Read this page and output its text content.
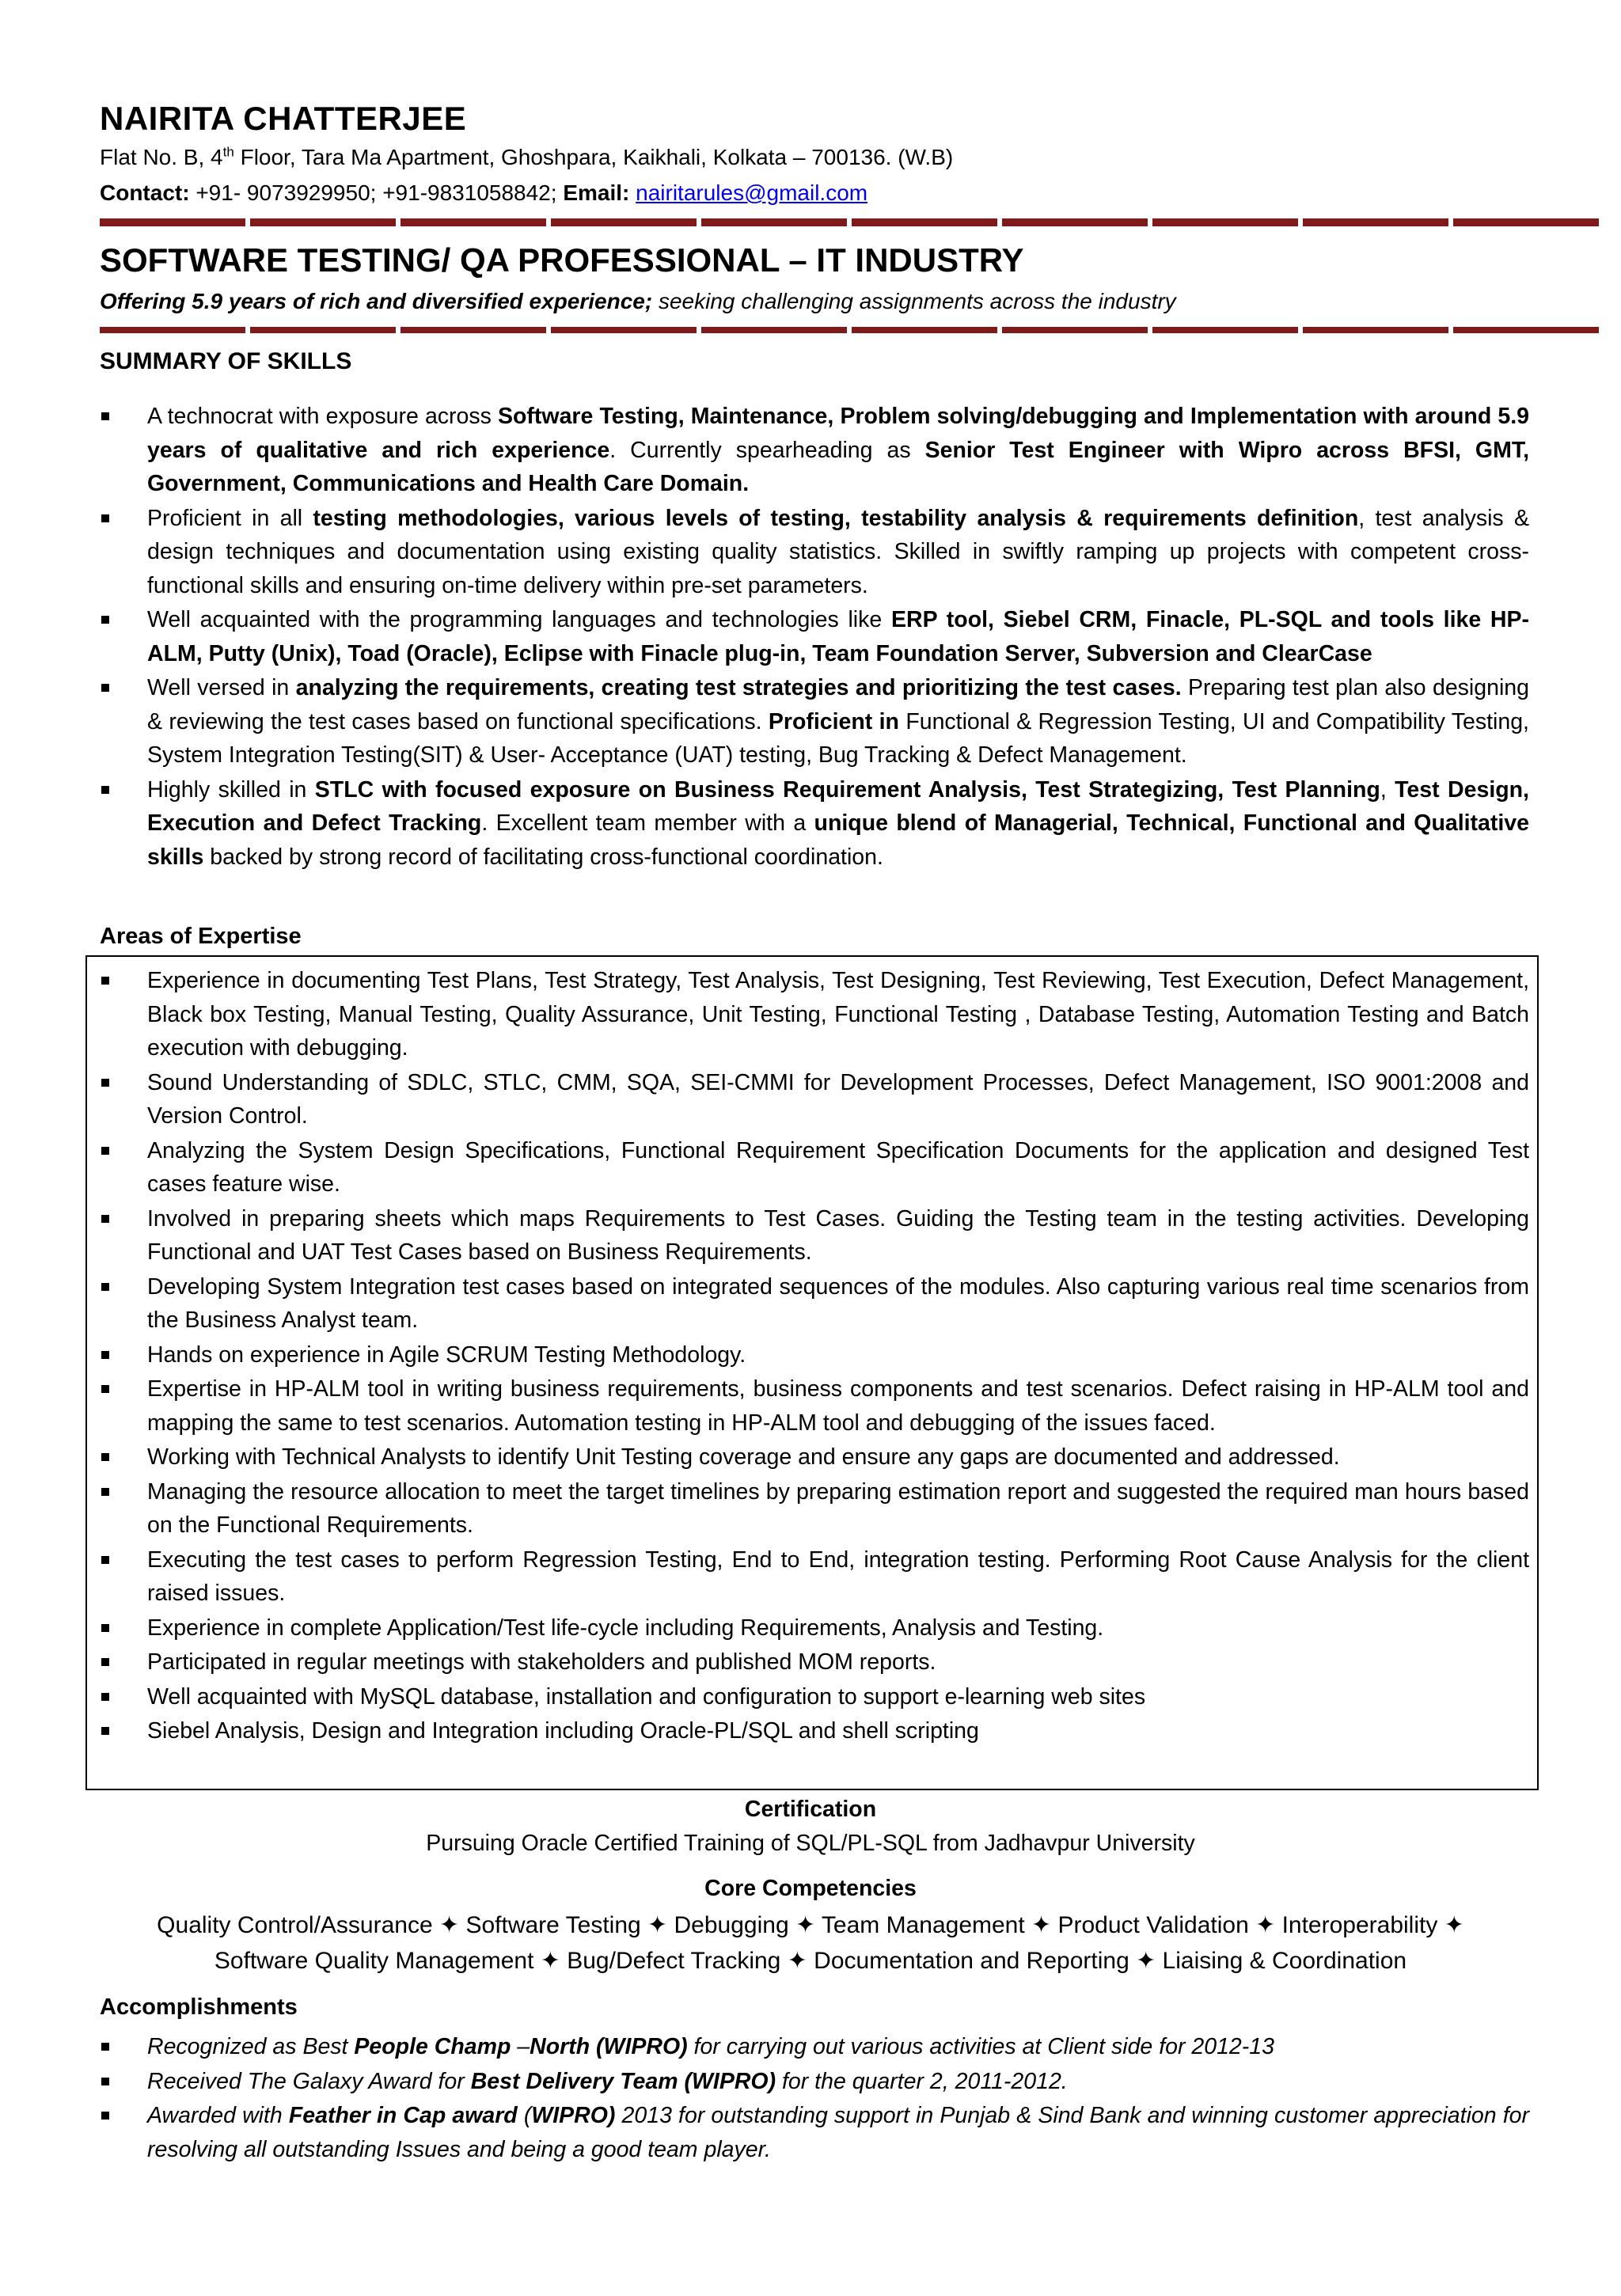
NAIRITA CHATTERJEE
Flat No. B, 4th Floor, Tara Ma Apartment, Ghoshpara, Kaikhali, Kolkata – 700136. (W.B)
Contact: +91- 9073929950; +91-9831058842; Email: nairitarules@gmail.com
SOFTWARE TESTING/ QA PROFESSIONAL – IT INDUSTRY
Offering 5.9 years of rich and diversified experience; seeking challenging assignments across the industry
SUMMARY OF SKILLS
A technocrat with exposure across Software Testing, Maintenance, Problem solving/debugging and Implementation with around 5.9 years of qualitative and rich experience. Currently spearheading as Senior Test Engineer with Wipro across BFSI, GMT, Government, Communications and Health Care Domain.
Proficient in all testing methodologies, various levels of testing, testability analysis & requirements definition, test analysis & design techniques and documentation using existing quality statistics. Skilled in swiftly ramping up projects with competent cross-functional skills and ensuring on-time delivery within pre-set parameters.
Well acquainted with the programming languages and technologies like ERP tool, Siebel CRM, Finacle, PL-SQL and tools like HP-ALM, Putty (Unix), Toad (Oracle), Eclipse with Finacle plug-in, Team Foundation Server, Subversion and ClearCase
Well versed in analyzing the requirements, creating test strategies and prioritizing the test cases. Preparing test plan also designing & reviewing the test cases based on functional specifications. Proficient in Functional & Regression Testing, UI and Compatibility Testing, System Integration Testing(SIT) & User- Acceptance (UAT) testing, Bug Tracking & Defect Management.
Highly skilled in STLC with focused exposure on Business Requirement Analysis, Test Strategizing, Test Planning, Test Design, Execution and Defect Tracking. Excellent team member with a unique blend of Managerial, Technical, Functional and Qualitative skills backed by strong record of facilitating cross-functional coordination.
Areas of Expertise
Experience in documenting Test Plans, Test Strategy, Test Analysis, Test Designing, Test Reviewing, Test Execution, Defect Management, Black box Testing, Manual Testing, Quality Assurance, Unit Testing, Functional Testing , Database Testing, Automation Testing and Batch execution with debugging.
Sound Understanding of SDLC, STLC, CMM, SQA, SEI-CMMI for Development Processes, Defect Management, ISO 9001:2008 and Version Control.
Analyzing the System Design Specifications, Functional Requirement Specification Documents for the application and designed Test cases feature wise.
Involved in preparing sheets which maps Requirements to Test Cases. Guiding the Testing team in the testing activities. Developing Functional and UAT Test Cases based on Business Requirements.
Developing System Integration test cases based on integrated sequences of the modules. Also capturing various real time scenarios from the Business Analyst team.
Hands on experience in Agile SCRUM Testing Methodology.
Expertise in HP-ALM tool in writing business requirements, business components and test scenarios. Defect raising in HP-ALM tool and mapping the same to test scenarios. Automation testing in HP-ALM tool and debugging of the issues faced.
Working with Technical Analysts to identify Unit Testing coverage and ensure any gaps are documented and addressed.
Managing the resource allocation to meet the target timelines by preparing estimation report and suggested the required man hours based on the Functional Requirements.
Executing the test cases to perform Regression Testing, End to End, integration testing. Performing Root Cause Analysis for the client raised issues.
Experience in complete Application/Test life-cycle including Requirements, Analysis and Testing.
Participated in regular meetings with stakeholders and published MOM reports.
Well acquainted with MySQL database, installation and configuration to support e-learning web sites
Siebel Analysis, Design and Integration including Oracle-PL/SQL and shell scripting
Certification
Pursuing Oracle Certified Training of SQL/PL-SQL from Jadhavpur University
Core Competencies
Quality Control/Assurance ✦ Software Testing ✦ Debugging ✦ Team Management ✦ Product Validation ✦ Interoperability ✦
Software Quality Management ✦ Bug/Defect Tracking ✦ Documentation and Reporting ✦ Liaising & Coordination
Accomplishments
Recognized as Best People Champ –North (WIPRO) for carrying out various activities at Client side for 2012-13
Received The Galaxy Award for Best Delivery Team (WIPRO) for the quarter 2, 2011-2012.
Awarded with Feather in Cap award (WIPRO) 2013 for outstanding support in Punjab & Sind Bank and winning customer appreciation for resolving all outstanding Issues and being a good team player.
